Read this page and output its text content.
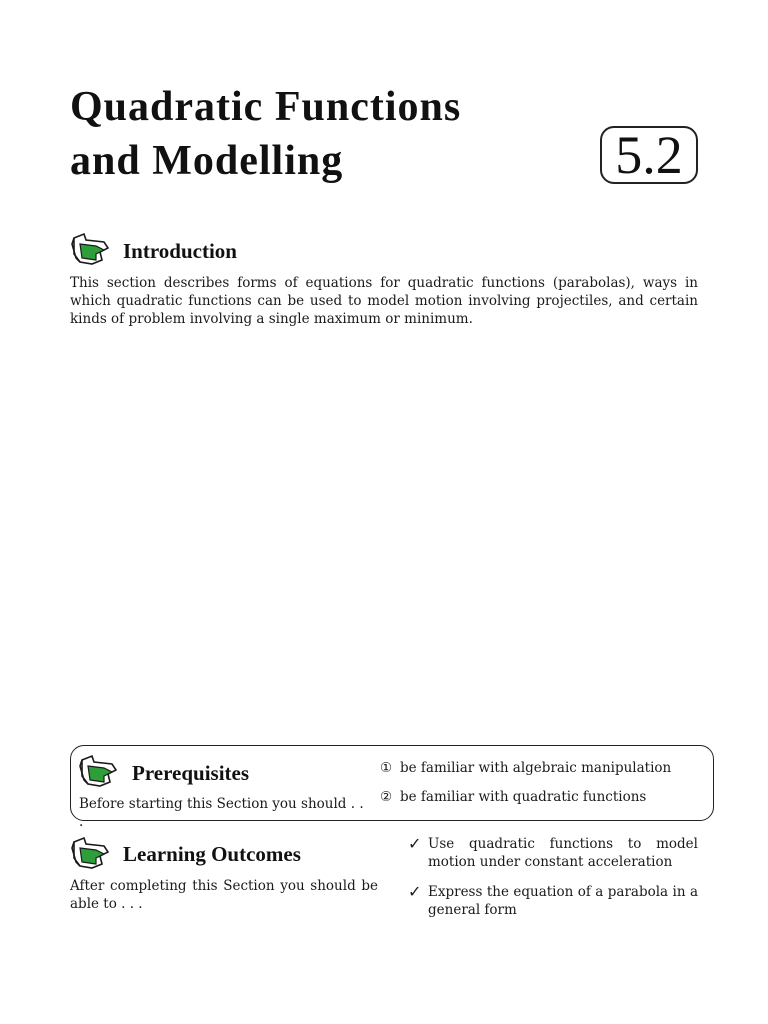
Quadratic Functions
and Modelling	5.2
Introduction
This section describes forms of equations for quadratic functions (parabolas), ways in which quadratic functions can be used to model motion involving projectiles, and certain kinds of problem involving a single maximum or minimum.
Prerequisites
Before starting this Section you should . . .
① be familiar with algebraic manipulation
② be familiar with quadratic functions
Learning Outcomes
After completing this Section you should be able to . . .
✓ Use quadratic functions to model motion under constant acceleration
✓ Express the equation of a parabola in a general form
